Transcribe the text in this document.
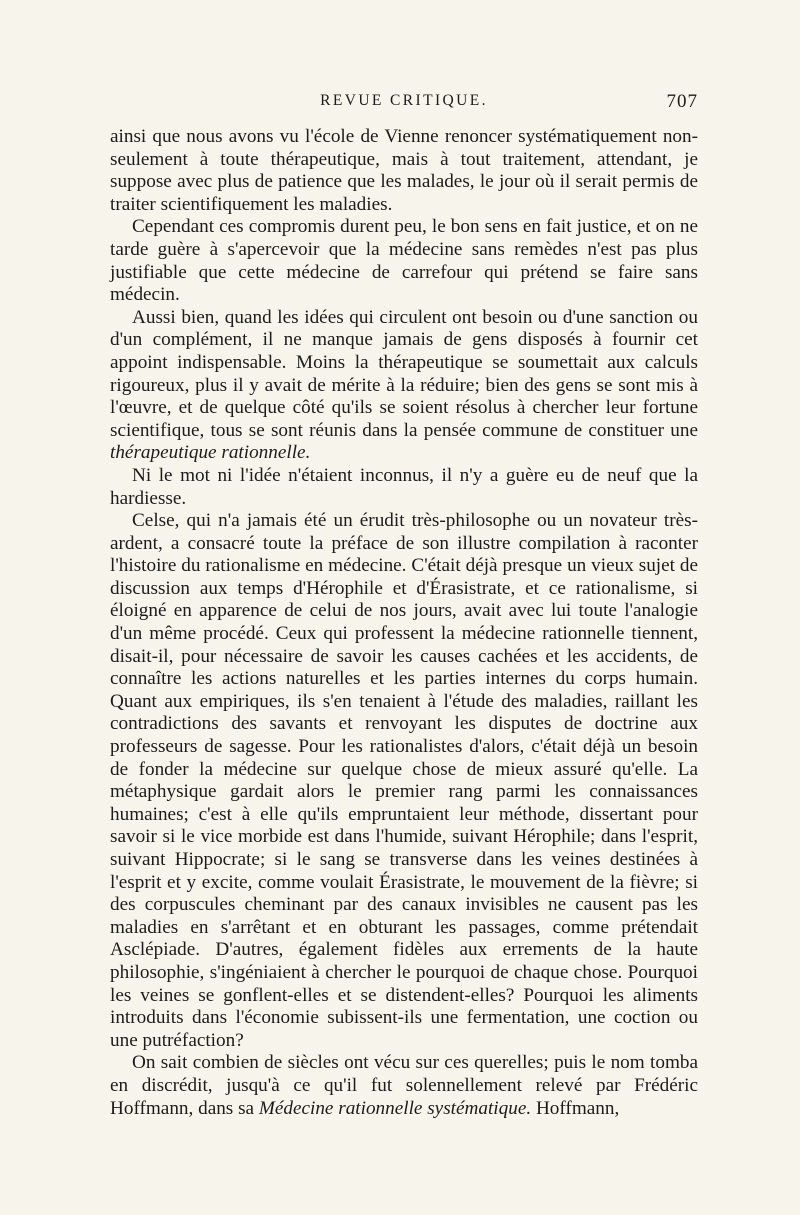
REVUE CRITIQUE.	707

ainsi que nous avons vu l'école de Vienne renoncer systématiquement non-seulement à toute thérapeutique, mais à tout traitement, attendant, je suppose avec plus de patience que les malades, le jour où il serait permis de traiter scientifiquement les maladies.

Cependant ces compromis durent peu, le bon sens en fait justice, et on ne tarde guère à s'apercevoir que la médecine sans remèdes n'est pas plus justifiable que cette médecine de carrefour qui prétend se faire sans médecin.

Aussi bien, quand les idées qui circulent ont besoin ou d'une sanction ou d'un complément, il ne manque jamais de gens disposés à fournir cet appoint indispensable. Moins la thérapeutique se soumettait aux calculs rigoureux, plus il y avait de mérite à la réduire; bien des gens se sont mis à l'œuvre, et de quelque côté qu'ils se soient résolus à chercher leur fortune scientifique, tous se sont réunis dans la pensée commune de constituer une thérapeutique rationnelle.

Ni le mot ni l'idée n'étaient inconnus, il n'y a guère eu de neuf que la hardiesse.

Celse, qui n'a jamais été un érudit très-philosophe ou un novateur très-ardent, a consacré toute la préface de son illustre compilation à raconter l'histoire du rationalisme en médecine. C'était déjà presque un vieux sujet de discussion aux temps d'Hérophile et d'Érasistrate, et ce rationalisme, si éloigné en apparence de celui de nos jours, avait avec lui toute l'analogie d'un même procédé. Ceux qui professent la médecine rationnelle tiennent, disait-il, pour nécessaire de savoir les causes cachées et les accidents, de connaître les actions naturelles et les parties internes du corps humain. Quant aux empiriques, ils s'en tenaient à l'étude des maladies, raillant les contradictions des savants et renvoyant les disputes de doctrine aux professeurs de sagesse. Pour les rationalistes d'alors, c'était déjà un besoin de fonder la médecine sur quelque chose de mieux assuré qu'elle. La métaphysique gardait alors le premier rang parmi les connaissances humaines; c'est à elle qu'ils empruntaient leur méthode, dissertant pour savoir si le vice morbide est dans l'humide, suivant Hérophile; dans l'esprit, suivant Hippocrate; si le sang se transverse dans les veines destinées à l'esprit et y excite, comme voulait Érasistrate, le mouvement de la fièvre; si des corpuscules cheminant par des canaux invisibles ne causent pas les maladies en s'arrêtant et en obturant les passages, comme prétendait Asclépiade. D'autres, également fidèles aux errements de la haute philosophie, s'ingéniaient à chercher le pourquoi de chaque chose. Pourquoi les veines se gonflent-elles et se distendent-elles? Pourquoi les aliments introduits dans l'économie subissent-ils une fermentation, une coction ou une putréfaction?

On sait combien de siècles ont vécu sur ces querelles; puis le nom tomba en discrédit, jusqu'à ce qu'il fut solennellement relevé par Frédéric Hoffmann, dans sa Médecine rationnelle systématique. Hoffmann,
